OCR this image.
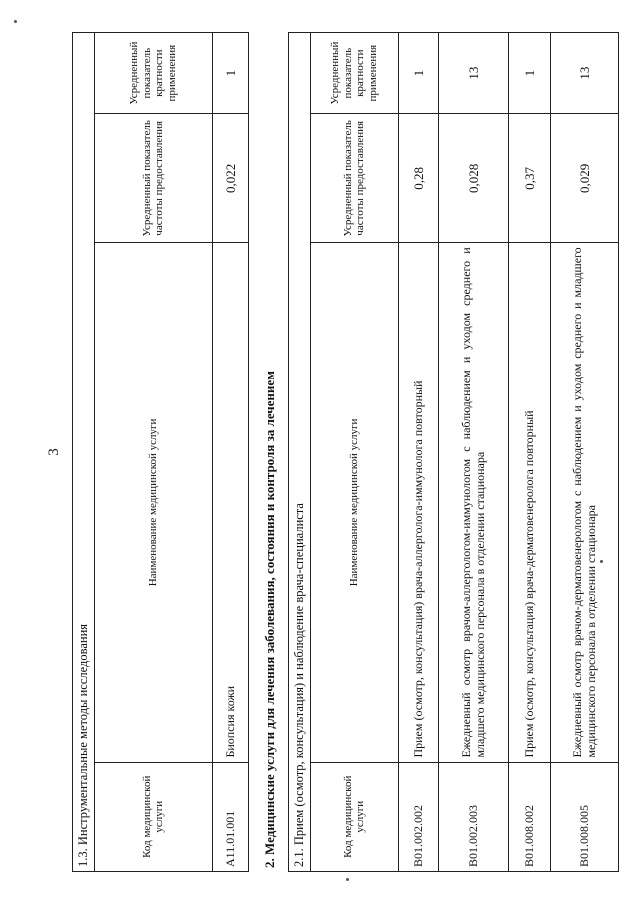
3
1.3. Инструментальные методы исследования			
Код медицинской услуги	Наименование медицинской услуги	Усредненный показатель частоты предоставления	Усредненный показатель кратности применения
A11.01.001	Биопсия кожи	0,022	1
2. Медицинские услуги для лечения заболевания, состояния и контроля за лечением 2.1. Прием (осмотр, консультация) и наблюдение врача-специалиста			
Код медицинской услуги	Наименование медицинской услуги	Усредненный показатель частоты предоставления	Усредненный показатель кратности применения
B01.002.002	Прием (осмотр, консультация) врача-аллерголога-иммунолога повторный	0,28	1
B01.002.003	Ежедневный осмотр врачом-аллергологом-иммунологом с наблюдением и уходом среднего и младшего медицинского персонала в отделении стационара	0,028	13
B01.008.002	Прием (осмотр, консультация) врача-дерматовенеролога повторный	0,37	1
B01.008.005	Ежедневный осмотр врачом-дерматовенерологом с наблюдением и уходом среднего и младшего медицинского персонала в отделении стационара	0,029	13
